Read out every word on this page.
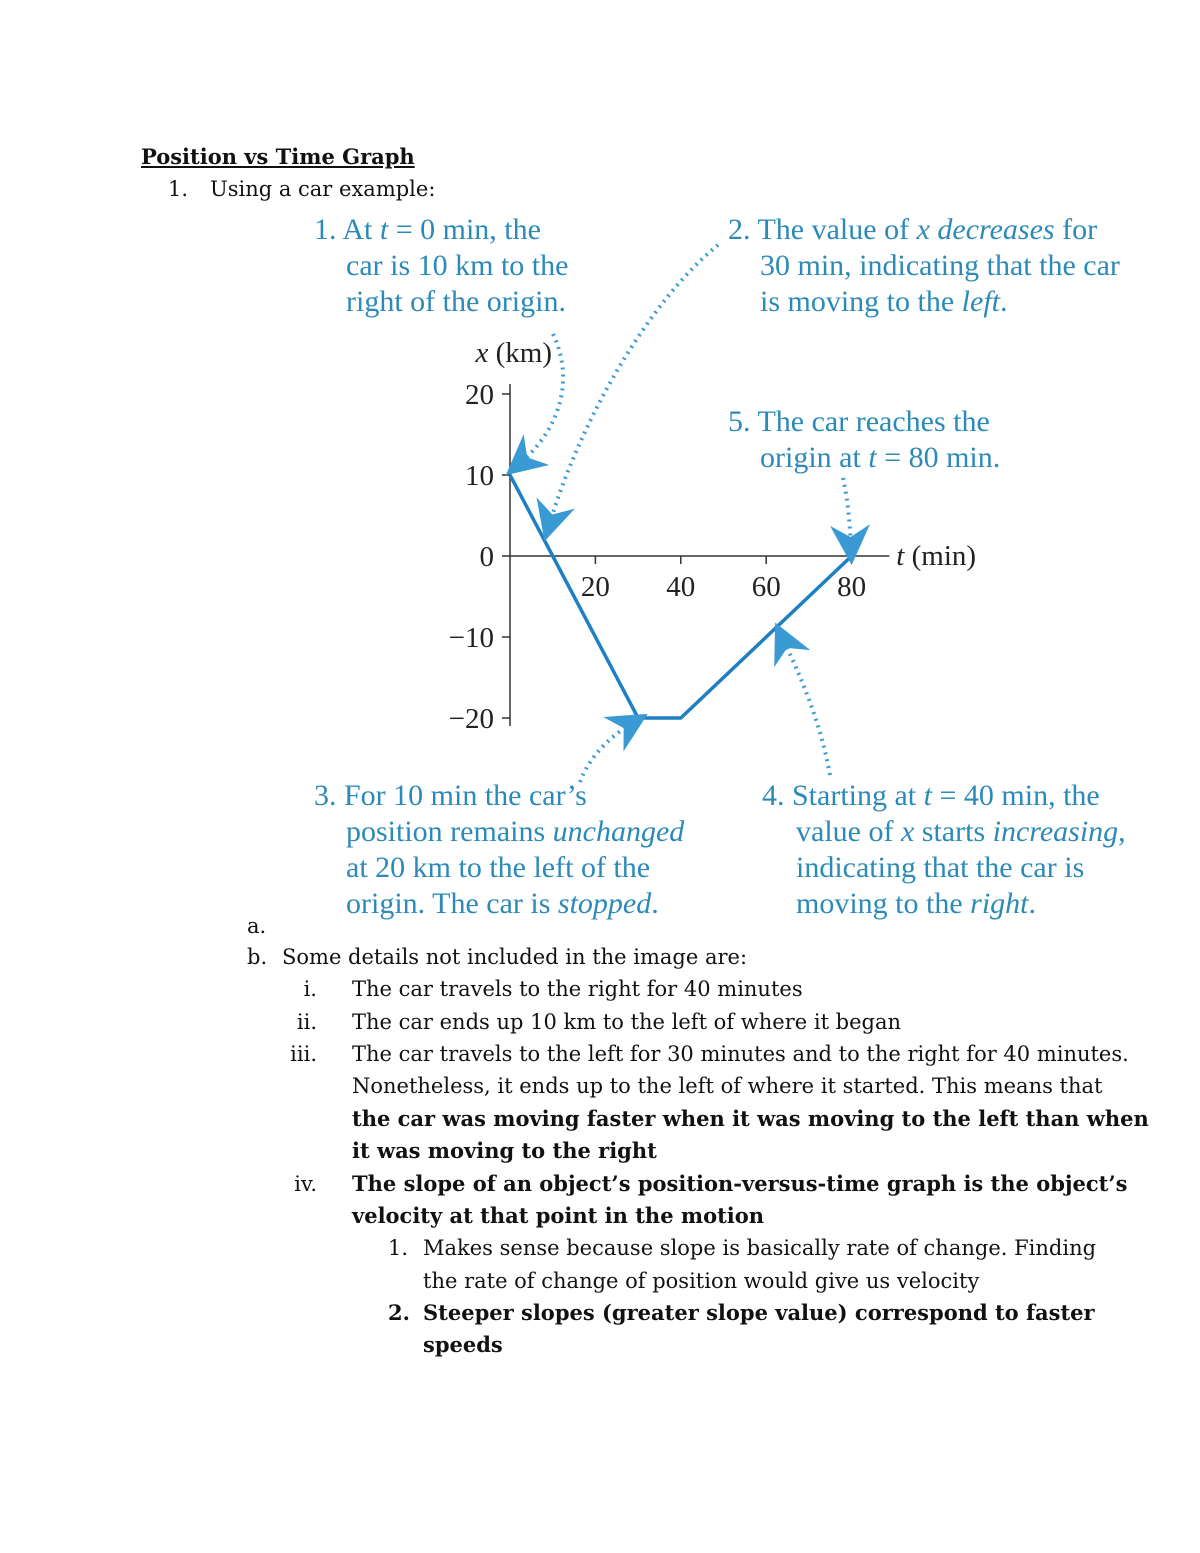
Position vs Time Graph
1. Using a car example:
20
10
0
−10
−20
20 40 60 80
x (km)
t (min)
1. At t = 0 min, the
car is 10 km to the
right of the origin.
2. The value of x decreases for
30 min, indicating that the car
is moving to the left.
5. The car reaches the
origin at t = 80 min.
3. For 10 min the car’s
position remains unchanged
at 20 km to the left of the
origin. The car is stopped.
4. Starting at t = 40 min, the
value of x starts increasing,
indicating that the car is
moving to the right.
a.
b. Some details not included in the image are:
i. The car travels to the right for 40 minutes
ii. The car ends up 10 km to the left of where it began
iii. The car travels to the left for 30 minutes and to the right for 40 minutes.
Nonetheless, it ends up to the left of where it started. This means that
the car was moving faster when it was moving to the left than when
it was moving to the right
iv. The slope of an object’s position-versus-time graph is the object’s
velocity at that point in the motion
1. Makes sense because slope is basically rate of change. Finding
the rate of change of position would give us velocity
2. Steeper slopes (greater slope value) correspond to faster
speeds
